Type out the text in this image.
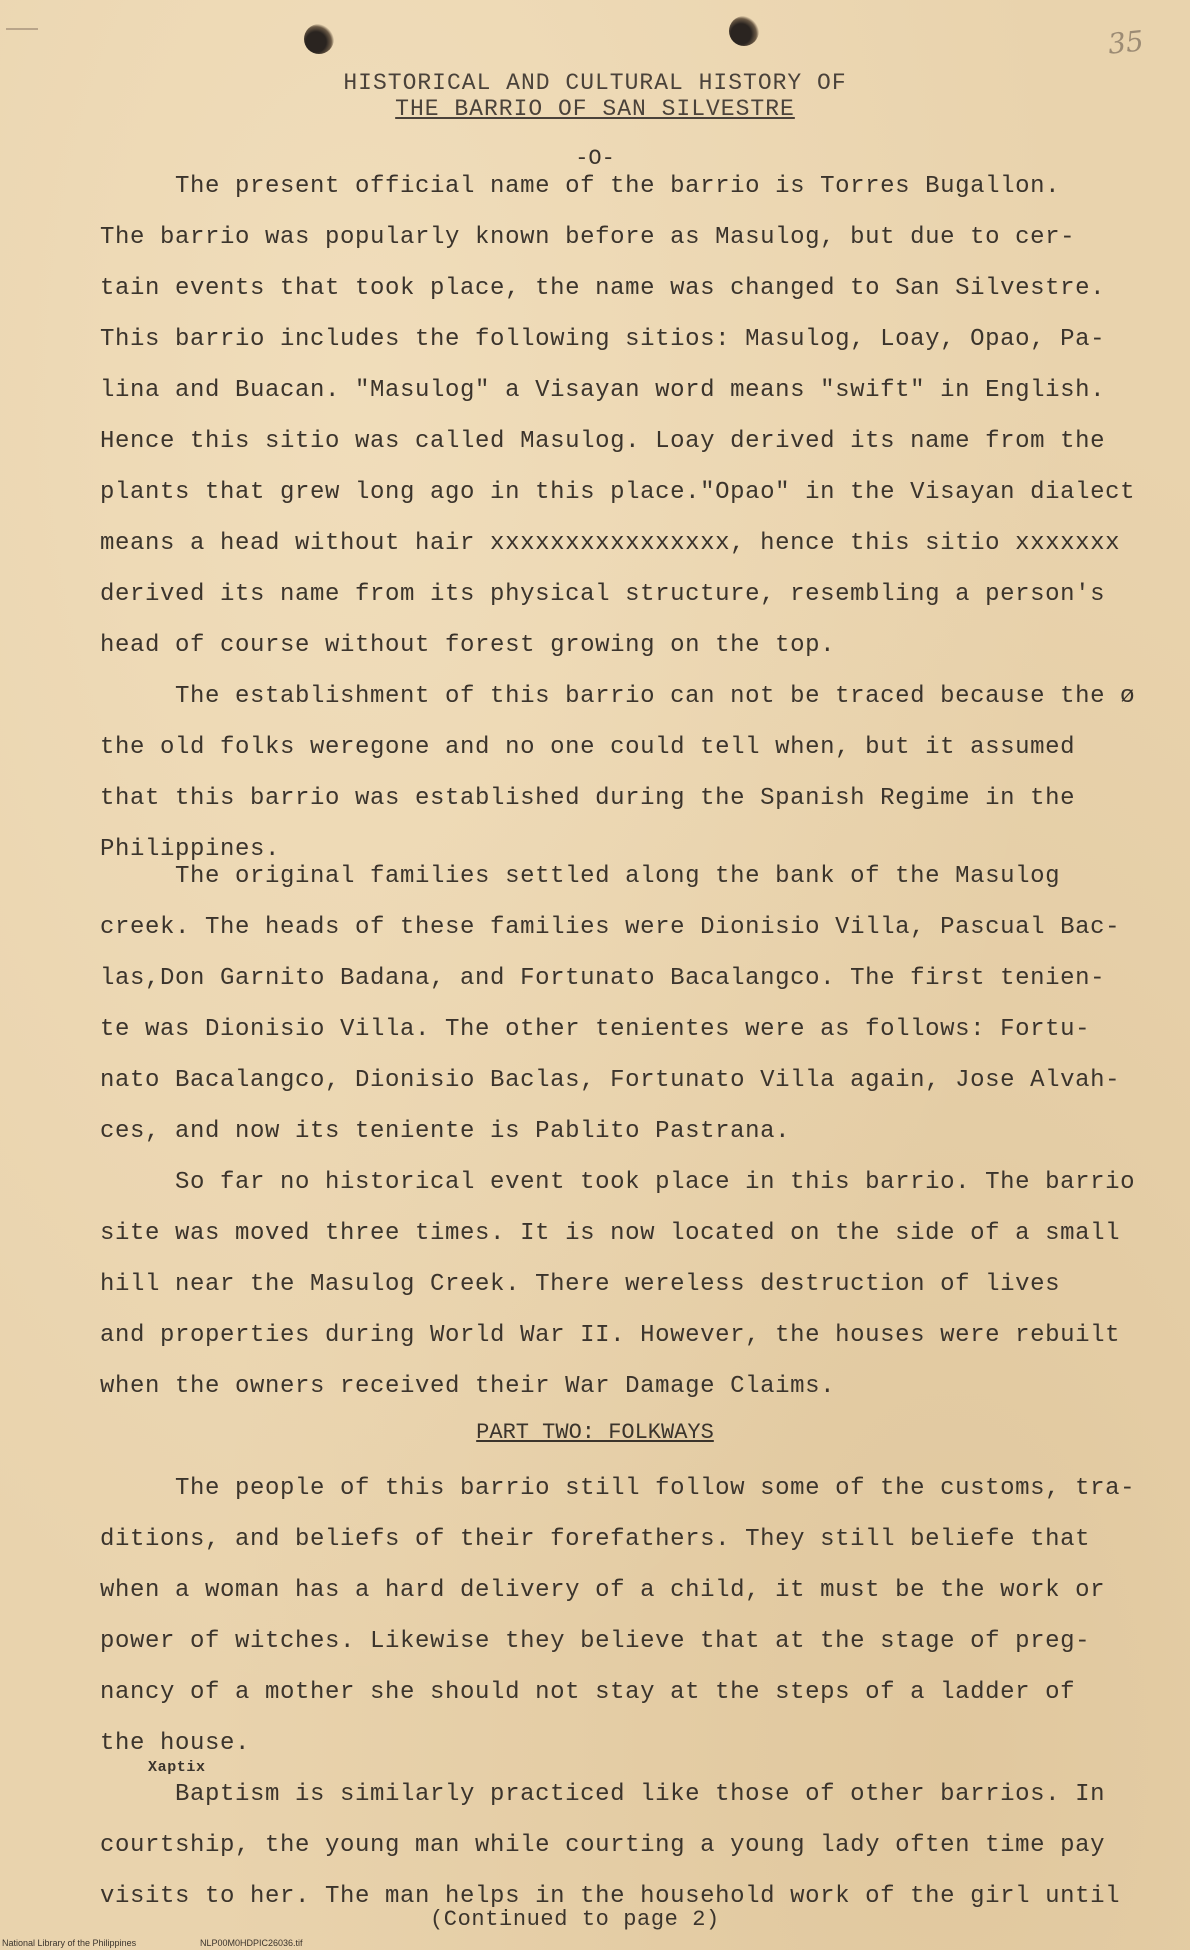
35
HISTORICAL AND CULTURAL HISTORY OF
THE BARRIO OF SAN SILVESTRE
-O-
The present official name of the barrio is Torres Bugallon.
The barrio was popularly known before as Masulog, but due to cer-
tain events that took place, the name was changed to San Silvestre.
This barrio includes the following sitios: Masulog, Loay, Opao, Pa-
lina and Buacan. "Masulog" a Visayan word means "swift" in English.
Hence this sitio was called Masulog. Loay derived its name from the
plants that grew long ago in this place."Opao" in the Visayan dialect
means a head without hair xxxxxxxxxxxxxxxx, hence this sitio xxxxxxx
derived its name from its physical structure, resembling a person's
head of course without forest growing on the top.
The establishment of this barrio can not be traced because the ø
the old folks weregone and no one could tell when, but it assumed
that this barrio was established during the Spanish Regime in the
Philippines.
The original families settled along the bank of the Masulog
creek. The heads of these families were Dionisio Villa, Pascual Bac-
las,Don Garnito Badana, and Fortunato Bacalangco. The first tenien-
te was Dionisio Villa. The other tenientes were as follows: Fortu-
nato Bacalangco, Dionisio Baclas, Fortunato Villa again, Jose Alvah-
ces, and now its teniente is Pablito Pastrana.
So far no historical event took place in this barrio. The barrio
site was moved three times. It is now located on the side of a small
hill near the Masulog Creek. There wereless destruction of lives
and properties during World War II. However, the houses were rebuilt
when the owners received their War Damage Claims.
The people of this barrio still follow some of the customs, tra-
ditions, and beliefs of their forefathers. They still beliefe that
when a woman has a hard delivery of a child, it must be the work or
power of witches. Likewise they believe that at the stage of preg-
nancy of a mother she should not stay at the steps of a ladder of
the house.
Xaptix
Baptism is similarly practiced like those of other barrios. In
courtship, the young man while courting a young lady often time pay
visits to her. The man helps in the household work of the girl until
PART TWO: FOLKWAYS
(Continued to page 2)
National Library of the Philippines	NLP00M0HDPIC26036.tif
